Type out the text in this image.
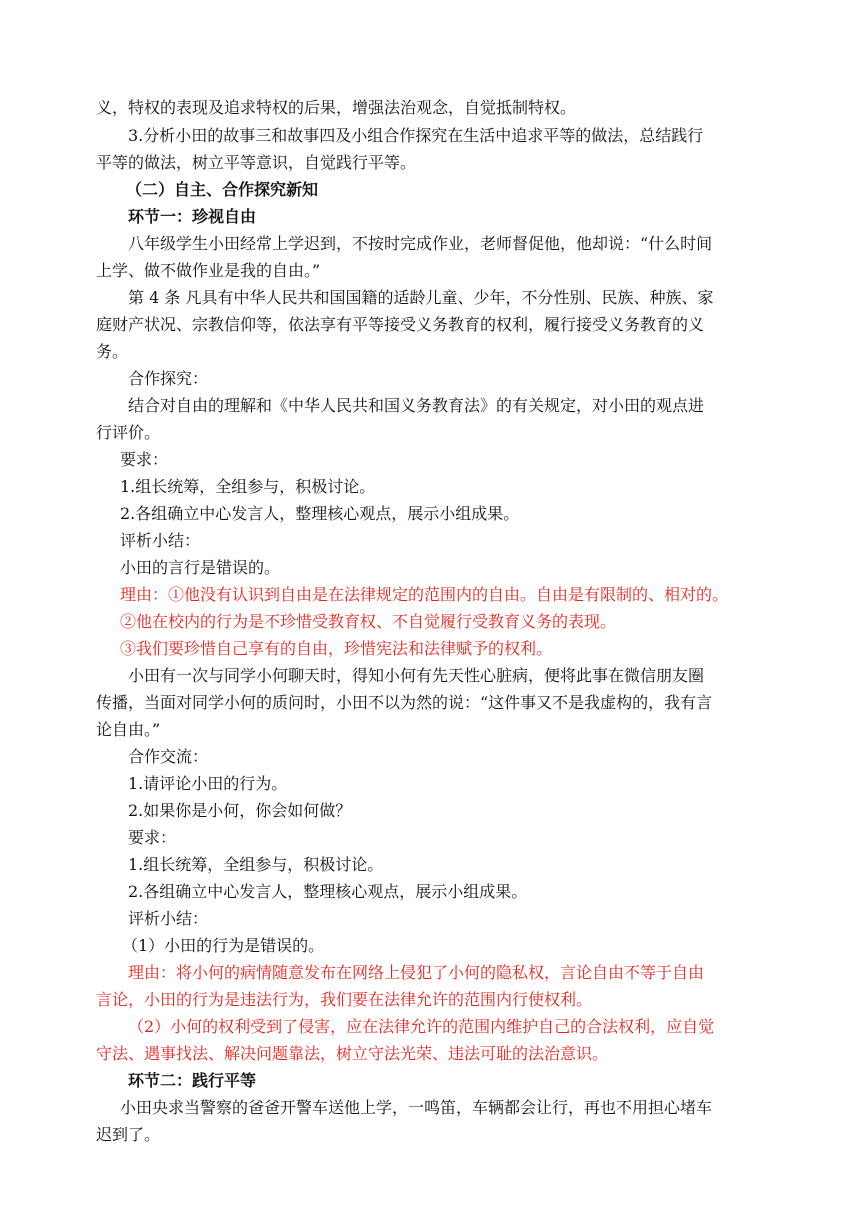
义，特权的表现及追求特权的后果，增强法治观念，自觉抵制特权。
3.分析小田的故事三和故事四及小组合作探究在生活中追求平等的做法，总结践行
平等的做法，树立平等意识，自觉践行平等。
（二）自主、合作探究新知
环节一：珍视自由
八年级学生小田经常上学迟到，不按时完成作业，老师督促他，他却说：“什么时间
上学、做不做作业是我的自由。”
第 4 条 凡具有中华人民共和国国籍的适龄儿童、少年，不分性别、民族、种族、家
庭财产状况、宗教信仰等，依法享有平等接受义务教育的权利，履行接受义务教育的义
务。
合作探究：
结合对自由的理解和《中华人民共和国义务教育法》的有关规定，对小田的观点进
行评价。
要求：
1.组长统筹，全组参与，积极讨论。
2.各组确立中心发言人，整理核心观点，展示小组成果。
评析小结：
小田的言行是错误的。
理由：①他没有认识到自由是在法律规定的范围内的自由。自由是有限制的、相对的。
②他在校内的行为是不珍惜受教育权、不自觉履行受教育义务的表现。
③我们要珍惜自己享有的自由，珍惜宪法和法律赋予的权利。
小田有一次与同学小何聊天时，得知小何有先天性心脏病，便将此事在微信朋友圈
传播，当面对同学小何的质问时，小田不以为然的说：“这件事又不是我虚构的，我有言
论自由。”
合作交流：
1.请评论小田的行为。
2.如果你是小何，你会如何做？
要求：
1.组长统筹，全组参与，积极讨论。
2.各组确立中心发言人，整理核心观点，展示小组成果。
评析小结：
（1）小田的行为是错误的。
理由：将小何的病情随意发布在网络上侵犯了小何的隐私权，言论自由不等于自由
言论，小田的行为是违法行为，我们要在法律允许的范围内行使权利。
（2）小何的权利受到了侵害，应在法律允许的范围内维护自己的合法权利，应自觉
守法、遇事找法、解决问题靠法，树立守法光荣、违法可耻的法治意识。
环节二：践行平等
小田央求当警察的爸爸开警车送他上学，一鸣笛，车辆都会让行，再也不用担心堵车
迟到了。
